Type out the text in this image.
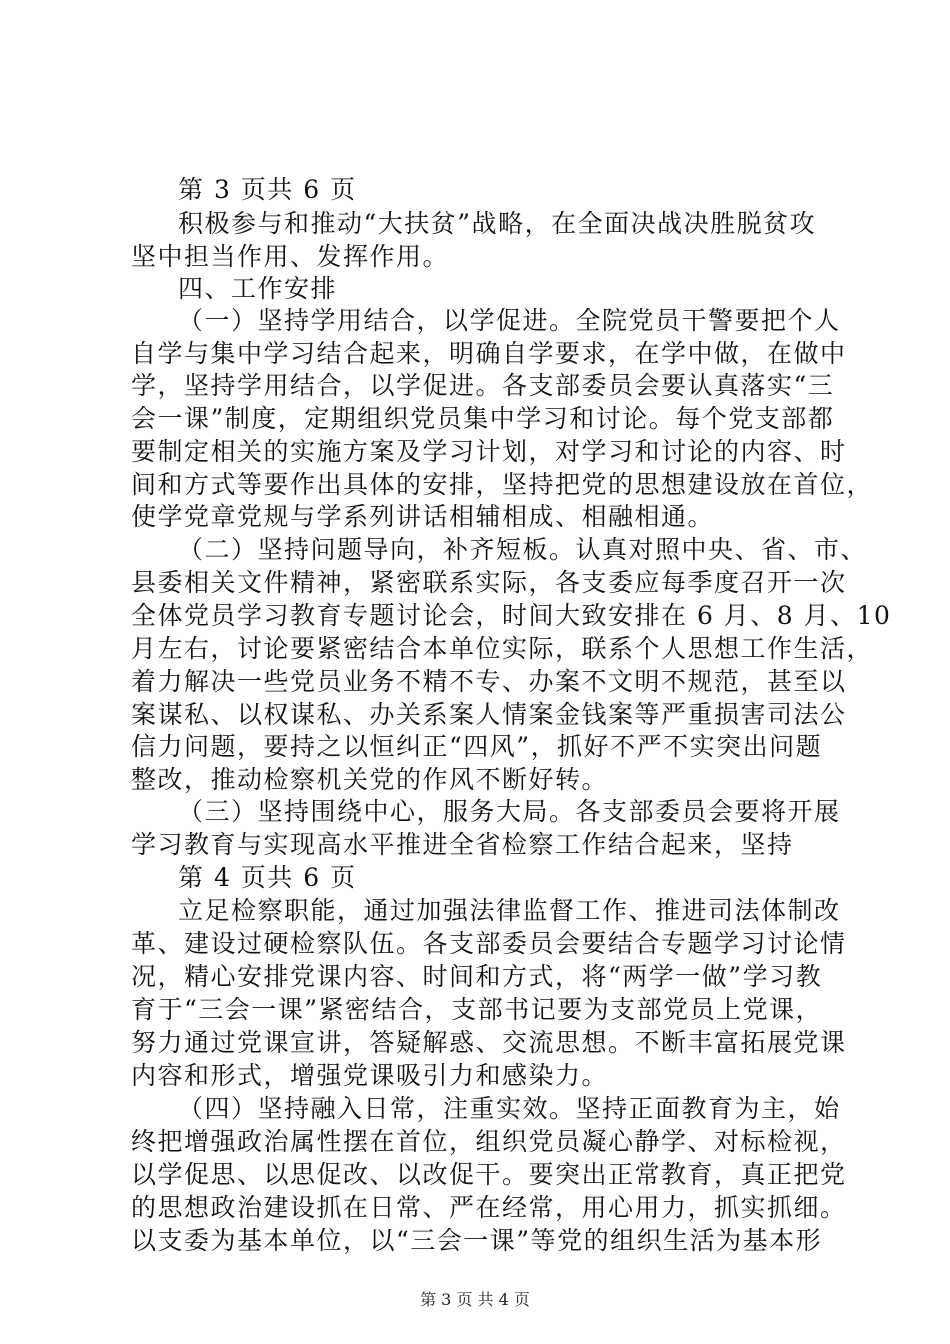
第 3 页共 6 页
积极参与和推动“大扶贫”战略，在全面决战决胜脱贫攻
坚中担当作用、发挥作用。
四、工作安排
（一）坚持学用结合，以学促进。全院党员干警要把个人
自学与集中学习结合起来，明确自学要求，在学中做，在做中
学，坚持学用结合，以学促进。各支部委员会要认真落实“三
会一课”制度，定期组织党员集中学习和讨论。每个党支部都
要制定相关的实施方案及学习计划，对学习和讨论的内容、时
间和方式等要作出具体的安排，坚持把党的思想建设放在首位，
使学党章党规与学系列讲话相辅相成、相融相通。
（二）坚持问题导向，补齐短板。认真对照中央、省、市、
县委相关文件精神，紧密联系实际，各支委应每季度召开一次
全体党员学习教育专题讨论会，时间大致安排在 6 月、8 月、10
月左右，讨论要紧密结合本单位实际，联系个人思想工作生活，
着力解决一些党员业务不精不专、办案不文明不规范，甚至以
案谋私、以权谋私、办关系案人情案金钱案等严重损害司法公
信力问题，要持之以恒纠正“四风”，抓好不严不实突出问题
整改，推动检察机关党的作风不断好转。
（三）坚持围绕中心，服务大局。各支部委员会要将开展
学习教育与实现高水平推进全省检察工作结合起来，坚持
第 4 页共 6 页
立足检察职能，通过加强法律监督工作、推进司法体制改
革、建设过硬检察队伍。各支部委员会要结合专题学习讨论情
况，精心安排党课内容、时间和方式，将“两学一做”学习教
育于“三会一课”紧密结合，支部书记要为支部党员上党课，
努力通过党课宣讲，答疑解惑、交流思想。不断丰富拓展党课
内容和形式，增强党课吸引力和感染力。
（四）坚持融入日常，注重实效。坚持正面教育为主，始
终把增强政治属性摆在首位，组织党员凝心静学、对标检视，
以学促思、以思促改、以改促干。要突出正常教育，真正把党
的思想政治建设抓在日常、严在经常，用心用力，抓实抓细。
以支委为基本单位，以“三会一课”等党的组织生活为基本形
第 3 页 共 4 页
